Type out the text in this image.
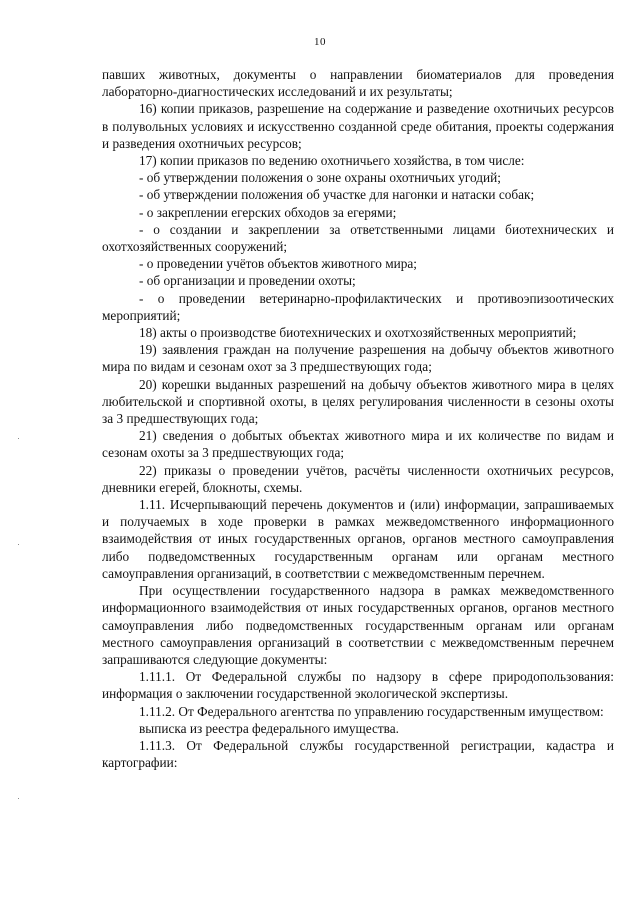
10

павших животных, документы о направлении биоматериалов для проведения лабораторно-диагностических исследований и их результаты;

16) копии приказов, разрешение на содержание и разведение охотничьих ресурсов в полувольных условиях и искусственно созданной среде обитания, проекты содержания и разведения охотничьих ресурсов;

17) копии приказов по ведению охотничьего хозяйства, в том числе:

- об утверждении положения о зоне охраны охотничьих угодий;

- об утверждении положения об участке для нагонки и натаски собак;

- о закреплении егерских обходов за егерями;

- о создании и закреплении за ответственными лицами биотехнических и охотхозяйственных сооружений;

- о проведении учётов объектов животного мира;

- об организации и проведении охоты;

- о проведении ветеринарно-профилактических и противоэпизоотических мероприятий;

18) акты о производстве биотехнических и охотхозяйственных мероприятий;

19) заявления граждан на получение разрешения на добычу объектов животного мира по видам и сезонам охот за 3 предшествующих года;

20) корешки выданных разрешений на добычу объектов животного мира в целях любительской и спортивной охоты, в целях регулирования численности в сезоны охоты за 3 предшествующих года;

21) сведения о добытых объектах животного мира и их количестве по видам и сезонам охоты за 3 предшествующих года;

22) приказы о проведении учётов, расчёты численности охотничьих ресурсов, дневники егерей, блокноты, схемы.

1.11. Исчерпывающий перечень документов и (или) информации, запрашиваемых и получаемых в ходе проверки в рамках межведомственного информационного взаимодействия от иных государственных органов, органов местного самоуправления либо подведомственных государственным органам или органам местного самоуправления организаций, в соответствии с межведомственным перечнем.

При осуществлении государственного надзора в рамках межведомственного информационного взаимодействия от иных государственных органов, органов местного самоуправления либо подведомственных государственным органам или органам местного самоуправления организаций в соответствии с межведомственным перечнем запрашиваются следующие документы:

1.11.1. От Федеральной службы по надзору в сфере природопользования: информация о заключении государственной экологической экспертизы.

1.11.2. От Федерального агентства по управлению государственным имуществом:

выписка из реестра федерального имущества.

1.11.3. От Федеральной службы государственной регистрации, кадастра и картографии:
